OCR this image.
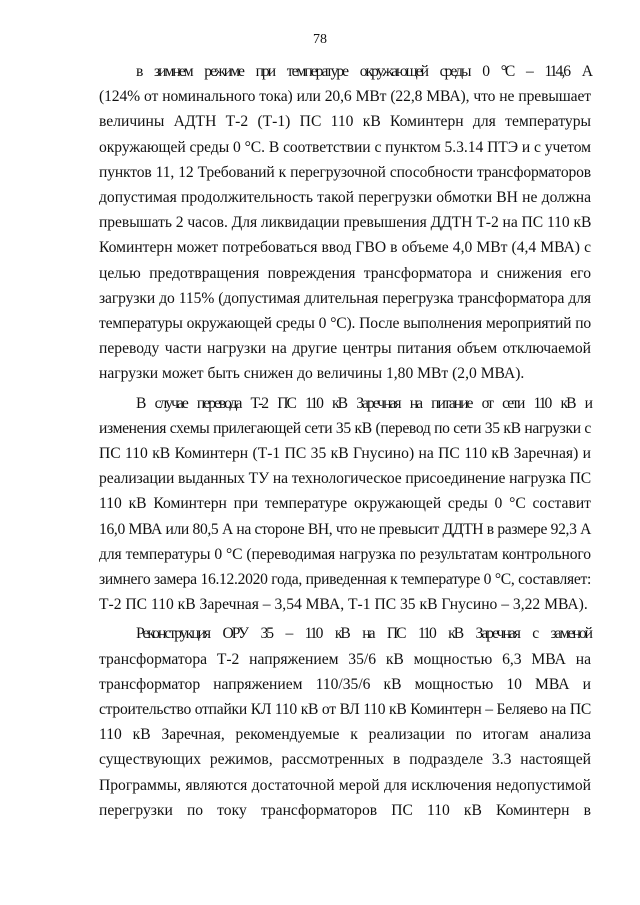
78
в зимнем режиме при температуре окружающей среды 0 °С – 114,6 А
(124% от номинального тока) или 20,6 МВт (22,8 МВА), что не превышает
величины АДТН Т-2 (Т-1) ПС 110 кВ Коминтерн для температуры
окружающей среды 0 °С. В соответствии с пунктом 5.3.14 ПТЭ и с учетом
пунктов 11, 12 Требований к перегрузочной способности трансформаторов
допустимая продолжительность такой перегрузки обмотки ВН не должна
превышать 2 часов. Для ликвидации превышения ДДТН Т-2 на ПС 110 кВ
Коминтерн может потребоваться ввод ГВО в объеме 4,0 МВт (4,4 МВА) с
целью предотвращения повреждения трансформатора и снижения его
загрузки до 115% (допустимая длительная перегрузка трансформатора для
температуры окружающей среды 0 °С). После выполнения мероприятий по
переводу части нагрузки на другие центры питания объем отключаемой
нагрузки может быть снижен до величины 1,80 МВт (2,0 МВА).
В случае перевода Т-2 ПС 110 кВ Заречная на питание от сети 110 кВ и
изменения схемы прилегающей сети 35 кВ (перевод по сети 35 кВ нагрузки с
ПС 110 кВ Коминтерн (Т-1 ПС 35 кВ Гнусино) на ПС 110 кВ Заречная) и
реализации выданных ТУ на технологическое присоединение нагрузка ПС
110 кВ Коминтерн при температуре окружающей среды 0 °С составит
16,0 МВА или 80,5 А на стороне ВН, что не превысит ДДТН в размере 92,3 А
для температуры 0 °С (переводимая нагрузка по результатам контрольного
зимнего замера 16.12.2020 года, приведенная к температуре 0 °С, составляет:
Т-2 ПС 110 кВ Заречная – 3,54 МВА, Т-1 ПС 35 кВ Гнусино – 3,22 МВА).
Реконструкция ОРУ 35 – 110 кВ на ПС 110 кВ Заречная с заменой
трансформатора Т-2 напряжением 35/6 кВ мощностью 6,3 МВА на
трансформатор напряжением 110/35/6 кВ мощностью 10 МВА и
строительство отпайки КЛ 110 кВ от ВЛ 110 кВ Коминтерн – Беляево на ПС
110 кВ Заречная, рекомендуемые к реализации по итогам анализа
существующих режимов, рассмотренных в подразделе 3.3 настоящей
Программы, являются достаточной мерой для исключения недопустимой
перегрузки по току трансформаторов ПС 110 кВ Коминтерн в
